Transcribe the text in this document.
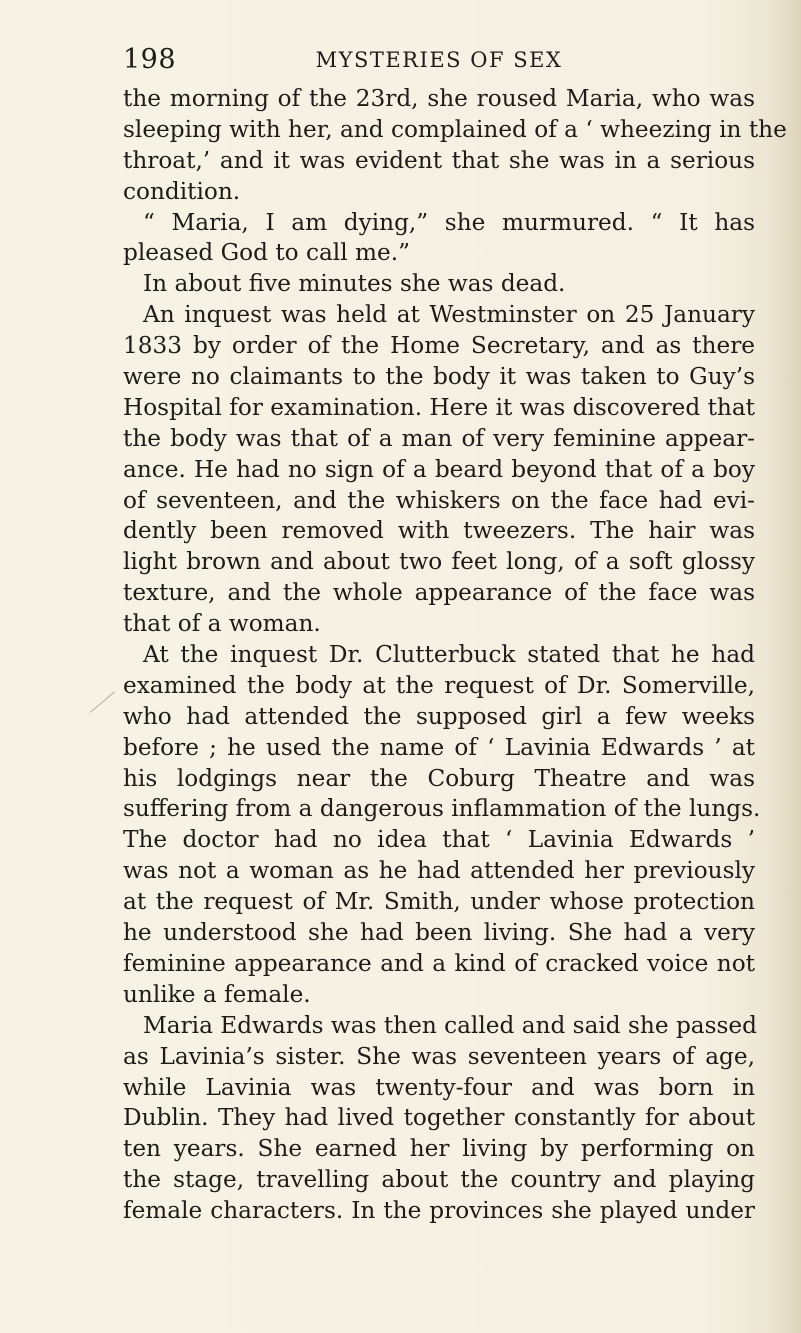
198	MYSTERIES OF SEX
the morning of the 23rd, she roused Maria, who was
sleeping with her, and complained of a ‘ wheezing in the
throat,’ and it was evident that she was in a serious
condition.
“ Maria, I am dying,” she murmured. “ It has
pleased God to call me.”
In about five minutes she was dead.
An inquest was held at Westminster on 25 January
1833 by order of the Home Secretary, and as there
were no claimants to the body it was taken to Guy’s
Hospital for examination. Here it was discovered that
the body was that of a man of very feminine appear-
ance. He had no sign of a beard beyond that of a boy
of seventeen, and the whiskers on the face had evi-
dently been removed with tweezers. The hair was
light brown and about two feet long, of a soft glossy
texture, and the whole appearance of the face was
that of a woman.
At the inquest Dr. Clutterbuck stated that he had
examined the body at the request of Dr. Somerville,
who had attended the supposed girl a few weeks
before ; he used the name of ‘ Lavinia Edwards ’ at
his lodgings near the Coburg Theatre and was
suffering from a dangerous inflammation of the lungs.
The doctor had no idea that ‘ Lavinia Edwards ’
was not a woman as he had attended her previously
at the request of Mr. Smith, under whose protection
he understood she had been living. She had a very
feminine appearance and a kind of cracked voice not
unlike a female.
Maria Edwards was then called and said she passed
as Lavinia’s sister. She was seventeen years of age,
while Lavinia was twenty-four and was born in
Dublin. They had lived together constantly for about
ten years. She earned her living by performing on
the stage, travelling about the country and playing
female characters. In the provinces she played under
